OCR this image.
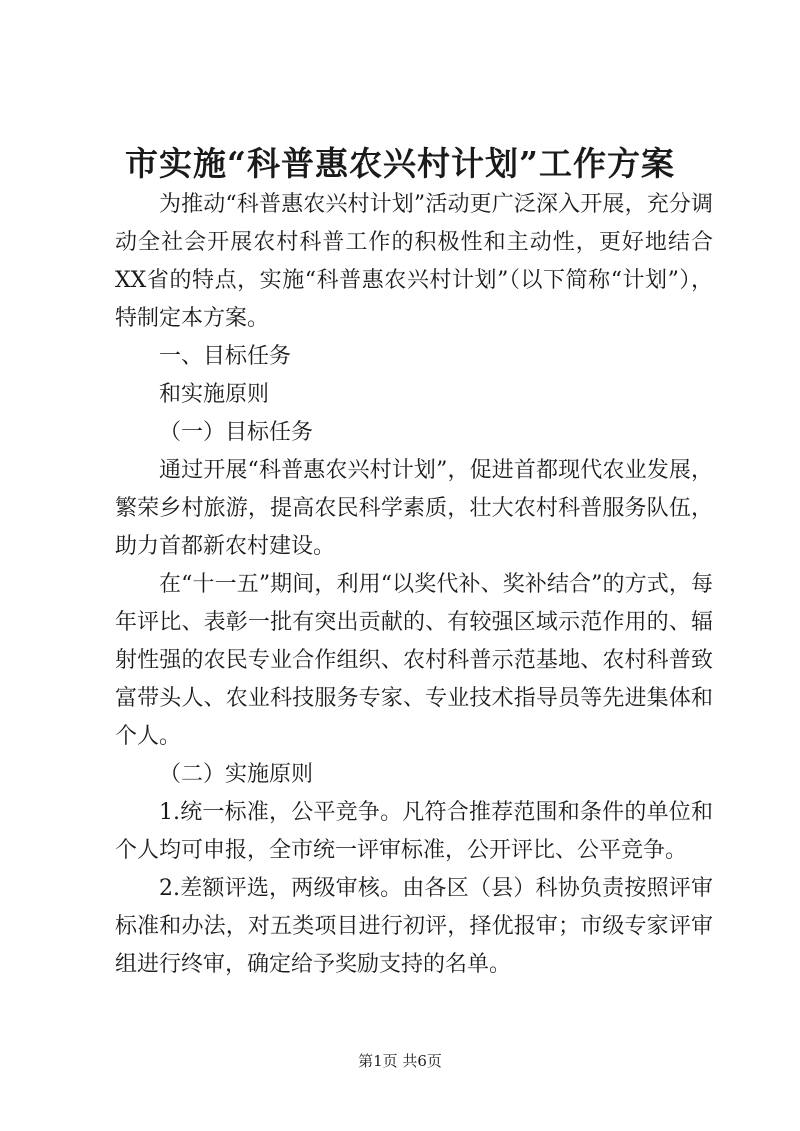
市实施“科普惠农兴村计划”工作方案

为推动“科普惠农兴村计划”活动更广泛深入开展，充分调动全社会开展农村科普工作的积极性和主动性，更好地结合XX省的特点，实施“科普惠农兴村计划”（以下简称“计划”），特制定本方案。

一、目标任务

和实施原则

（一）目标任务

通过开展“科普惠农兴村计划”，促进首都现代农业发展，繁荣乡村旅游，提高农民科学素质，壮大农村科普服务队伍，助力首都新农村建设。

在“十一五”期间，利用“以奖代补、奖补结合”的方式，每年评比、表彰一批有突出贡献的、有较强区域示范作用的、辐射性强的农民专业合作组织、农村科普示范基地、农村科普致富带头人、农业科技服务专家、专业技术指导员等先进集体和个人。

（二）实施原则

1.统一标准，公平竞争。凡符合推荐范围和条件的单位和个人均可申报，全市统一评审标准，公开评比、公平竞争。

2.差额评选，两级审核。由各区（县）科协负责按照评审标准和办法，对五类项目进行初评，择优报审；市级专家评审组进行终审，确定给予奖励支持的名单。

第1页 共6页
